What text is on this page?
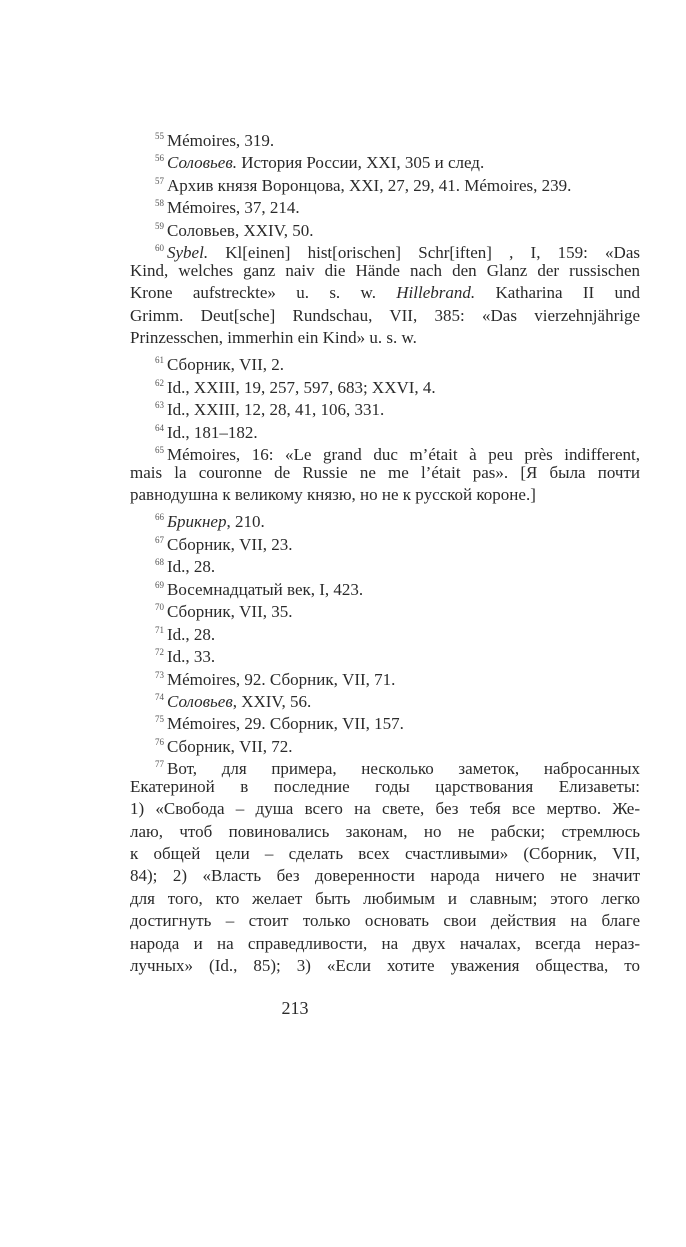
$^{55}$ Mémoires, 319.
$^{56}$ Соловьев. История России, XXI, 305 и след.
$^{57}$ Архив князя Воронцова, XXI, 27, 29, 41. Mémoires, 239.
$^{58}$ Mémoires, 37, 214.
$^{59}$ Соловьев, XXIV, 50.
$^{60}$ Sybel. Kl[einen] hist[orischen] Schr[iften] , I, 159: «Das
Kind, welches ganz naiv die Hände nach den Glanz der russischen
Krone aufstreckte» u. s. w. Hillebrand. Katharina II und
Grimm. Deut[sche] Rundschau, VII, 385: «Das vierzehnjährige
Prinzesschen, immerhin ein Kind» u. s. w.
$^{61}$ Сборник, VII, 2.
$^{62}$ Id., XXIII, 19, 257, 597, 683; XXVI, 4.
$^{63}$ Id., XXIII, 12, 28, 41, 106, 331.
$^{64}$ Id., 181–182.
$^{65}$ Mémoires, 16: «Le grand duc m’était à peu près indifferent,
mais la couronne de Russie ne me l’était pas». [Я была почти
равнодушна к великому князю, но не к русской короне.]
$^{66}$ Брикнер, 210.
$^{67}$ Сборник, VII, 23.
$^{68}$ Id., 28.
$^{69}$ Восемнадцатый век, I, 423.
$^{70}$ Сборник, VII, 35.
$^{71}$ Id., 28.
$^{72}$ Id., 33.
$^{73}$ Mémoires, 92. Сборник, VII, 71.
$^{74}$ Соловьев, XXIV, 56.
$^{75}$ Mémoires, 29. Сборник, VII, 157.
$^{76}$ Сборник, VII, 72.
$^{77}$ Вот, для примера, несколько заметок, набросанных
Екатериной в последние годы царствования Елизаветы:
1) «Свобода – душа всего на свете, без тебя все мертво. Же-
лаю, чтоб повиновались законам, но не рабски; стремлюсь
к общей цели – сделать всех счастливыми» (Сборник, VII,
84); 2) «Власть без доверенности народа ничего не значит
для того, кто желает быть любимым и славным; этого легко
достигнуть – стоит только основать свои действия на благе
народа и на справедливости, на двух началах, всегда нераз-
лучных» (Id., 85); 3) «Если хотите уважения общества, то
213
